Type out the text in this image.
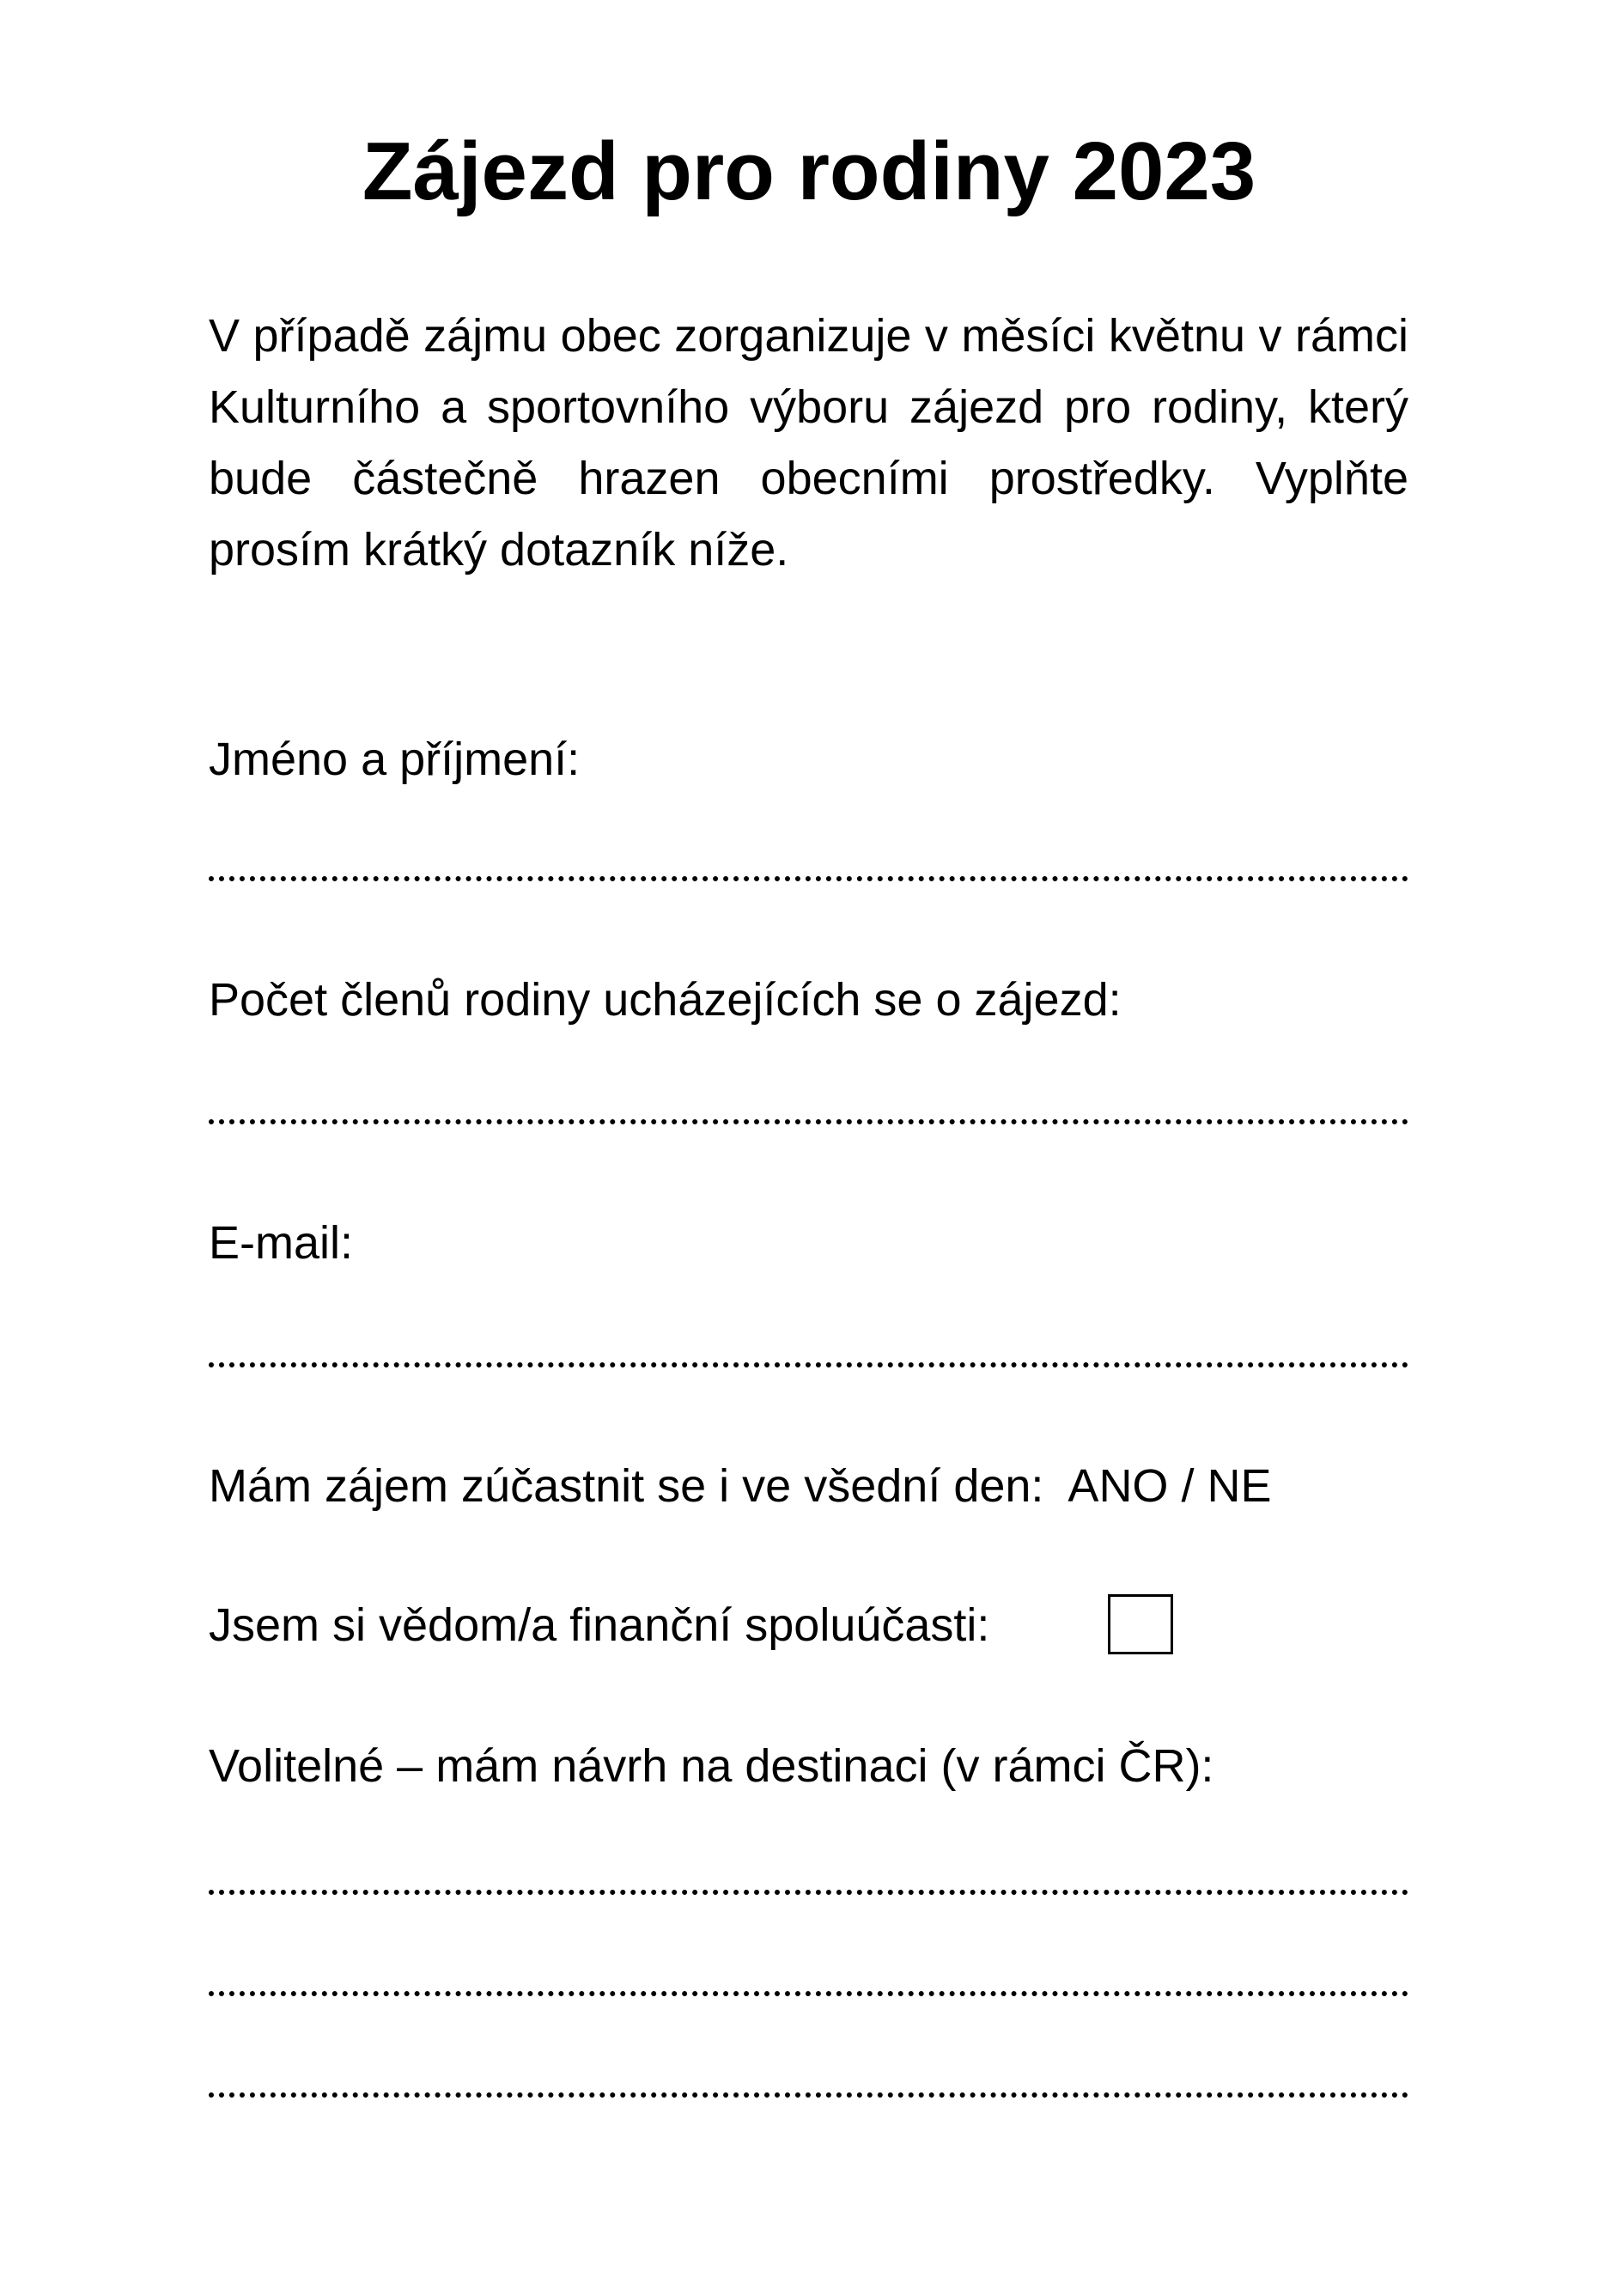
Zájezd pro rodiny 2023
V případě zájmu obec zorganizuje v měsíci květnu v rámci Kulturního a sportovního výboru zájezd pro rodiny, který bude částečně hrazen obecními prostředky. Vyplňte prosím krátký dotazník níže.
Jméno a příjmení:
Počet členů rodiny ucházejících se o zájezd:
E-mail:
Mám zájem zúčastnit se i ve všední den: ANO / NE
Jsem si vědom/a finanční spoluúčasti:
Volitelné – mám návrh na destinaci (v rámci ČR):
